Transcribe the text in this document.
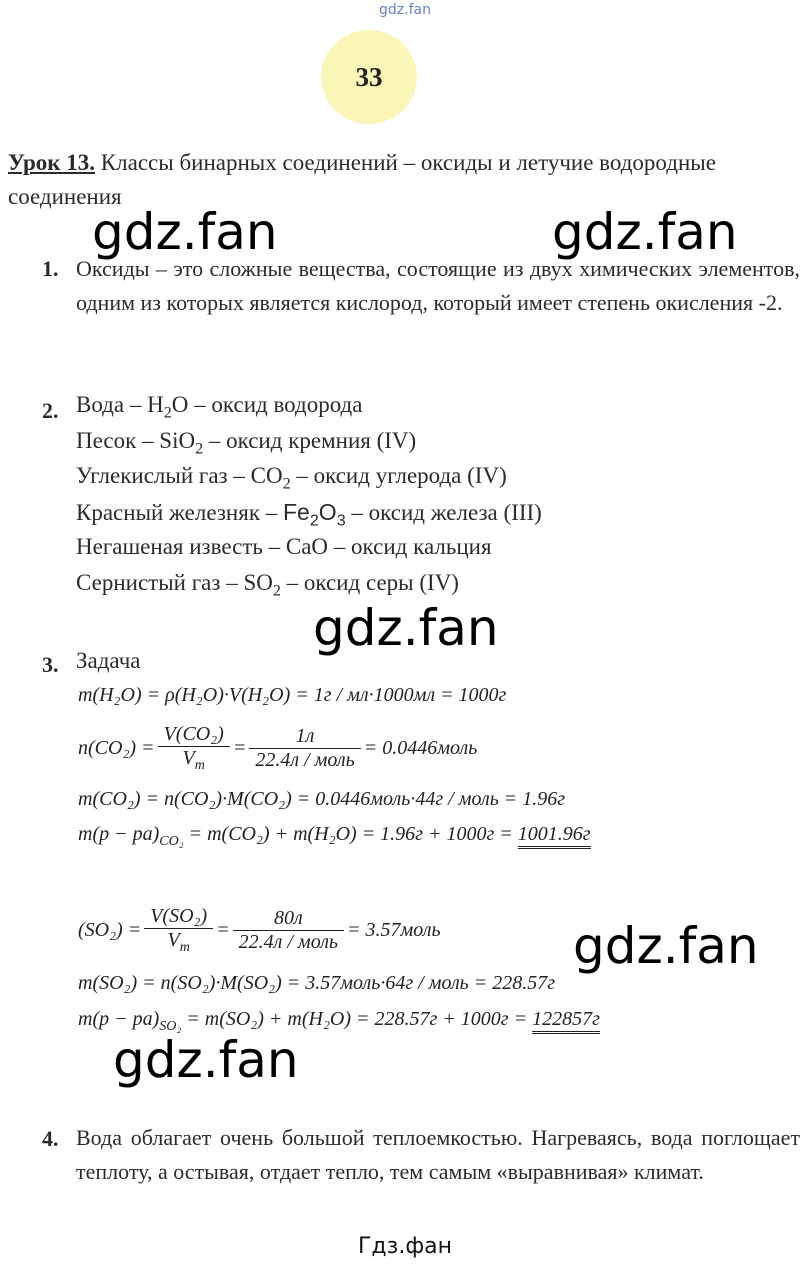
gdz.fan
33
Урок 13. Классы бинарных соединений – оксиды и летучие водородные соединения
gdz.fan	gdz.fan
gdz.fan
gdz.fan
gdz.fan
1. Оксиды – это сложные вещества, состоящие из двух химических элементов, одним из которых является кислород, который имеет степень окисления -2.
2. Вода – $H_2O$ – оксид водорода
Песок – SiO$_2$ – оксид кремния (IV)
Углекислый газ – $CO_2$ – оксид углерода (IV)
Красный железняк – $Fe_2O_3$ – оксид железа (III)
Негашеная известь – CaO – оксид кальция
Сернистый газ – $SO_2$ – оксид серы (IV)
3. Задача
m(H₂O) = ρ(H₂O)·V(H₂O) = 1г / мл·1000мл = 1000г
$n(CO_2) = \frac{\text{V(CO₂)}}{V_m} = \frac{1л}{\text{22.4л / моль}}$ = 0.0446моль
m(CO₂) = n(CO₂)·M(CO₂) = 0.0446моль·44г / моль = 1.96г
$m(p - pa)_{CO_2} = m(CO_2) + m(H_2O) = 1.96г + 1000г = 1001.96г$
$(SO_2) = \frac{\text{V(SO₂)}}{V_m} = \frac{80л}{\text{22.4л / моль}}$ = 3.57моль
m(SO₂) = n(SO₂)·M(SO₂) = 3.57моль·64г / моль = 228.57г
$m(p - pa)_{SO_2} = m(SO_2) + m(H_2O) = 228.57г + 1000г = 122857г$
4. Вода облагает очень большой теплоемкостью. Нагреваясь, вода поглощает теплоту, а остывая, отдает тепло, тем самым «выравнивая» климат.
Гдз.фан
